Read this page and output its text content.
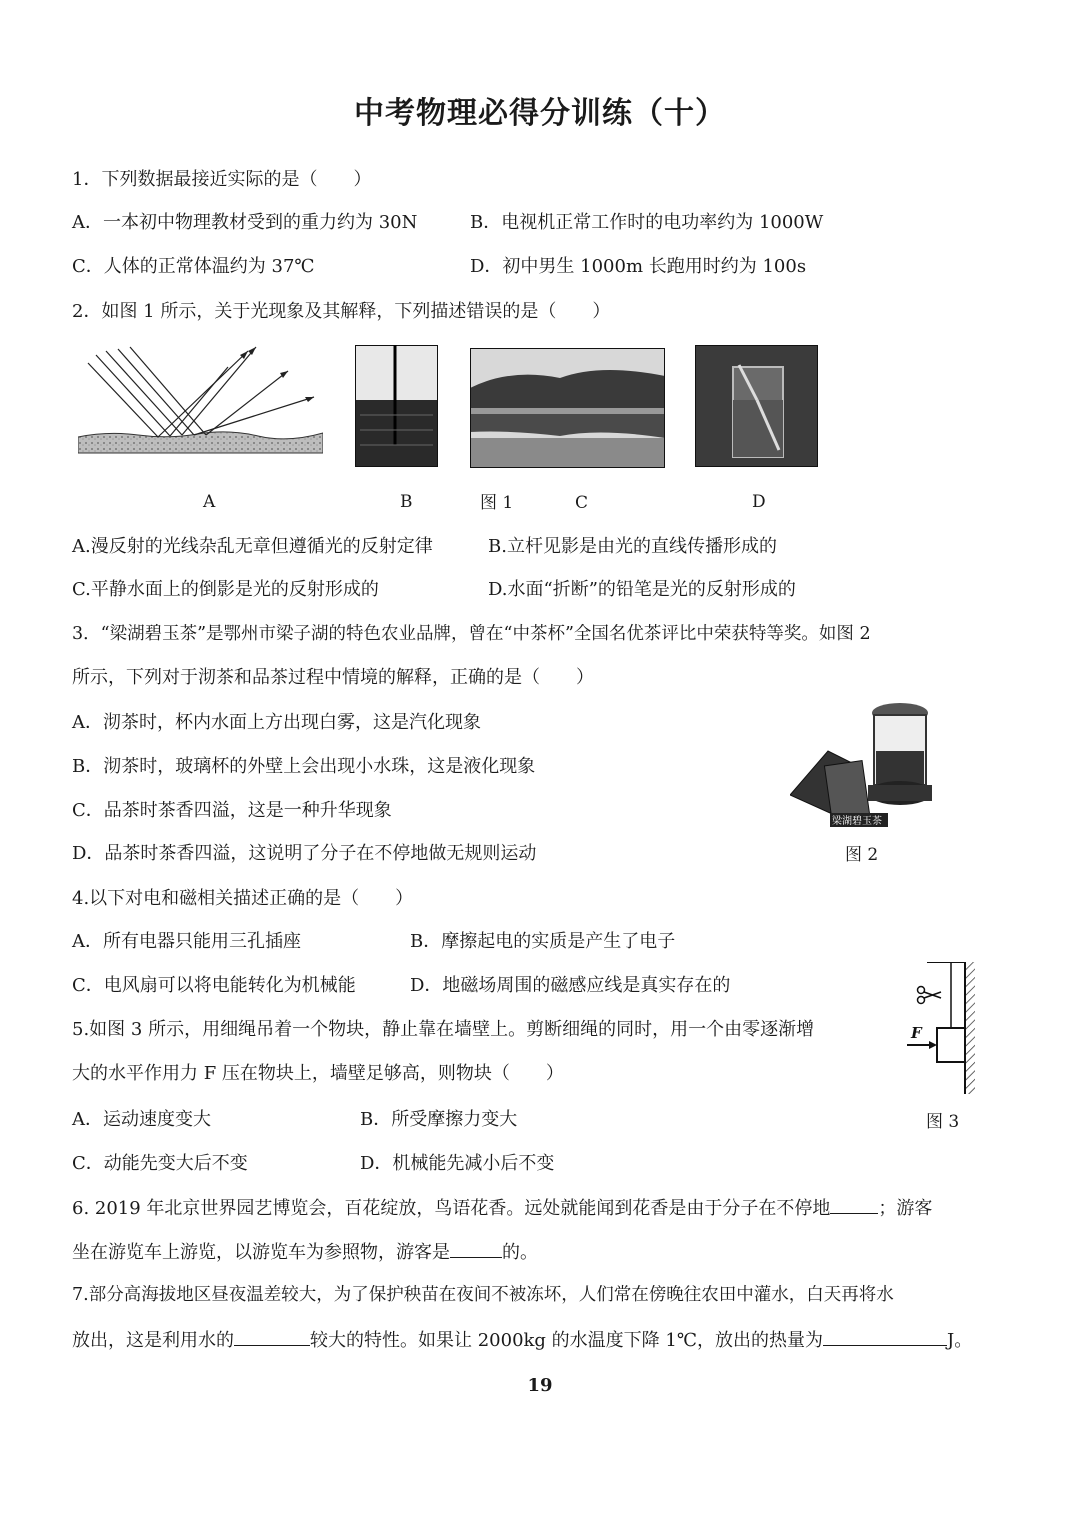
中考物理必得分训练（十）
1．下列数据最接近实际的是（　　）
A．一本初中物理教材受到的重力约为 30N	B．电视机正常工作时的电功率约为 1000W
C．人体的正常体温约为 37℃	D．初中男生 1000m 长跑用时约为 100s
2．如图 1 所示，关于光现象及其解释，下列描述错误的是（　　）
A	B	图 1	C	D
A.漫反射的光线杂乱无章但遵循光的反射定律	B.立杆见影是由光的直线传播形成的
C.平静水面上的倒影是光的反射形成的	D.水面“折断”的铅笔是光的反射形成的
3．“梁湖碧玉茶”是鄂州市梁子湖的特色农业品牌，曾在“中茶杯”全国名优茶评比中荣获特等奖。如图 2
所示，下列对于沏茶和品茶过程中情境的解释，正确的是（　　）
A．沏茶时，杯内水面上方出现白雾，这是汽化现象
B．沏茶时，玻璃杯的外壁上会出现小水珠，这是液化现象
C．品茶时茶香四溢，这是一种升华现象
D．品茶时茶香四溢，这说明了分子在不停地做无规则运动
梁湖碧玉茶
图 2
4.以下对电和磁相关描述正确的是（　　）
A．所有电器只能用三孔插座	B．摩擦起电的实质是产生了电子
C．电风扇可以将电能转化为机械能	D．地磁场周围的磁感应线是真实存在的
F
图 3
5.如图 3 所示，用细绳吊着一个物块，静止靠在墙壁上。剪断细绳的同时，用一个由零逐渐增
大的水平作用力 F 压在物块上，墙壁足够高，则物块（　　）
A．运动速度变大	B．所受摩擦力变大
C．动能先变大后不变	D．机械能先减小后不变
6. 2019 年北京世界园艺博览会，百花绽放，鸟语花香。远处就能闻到花香是由于分子在不停地	；游客
坐在游览车上游览，以游览车为参照物，游客是	的。
7.部分高海拔地区昼夜温差较大，为了保护秧苗在夜间不被冻坏，人们常在傍晚往农田中灌水，白天再将水
放出，这是利用水的	较大的特性。如果让 2000kg 的水温度下降 1℃，放出的热量为	J。
19
